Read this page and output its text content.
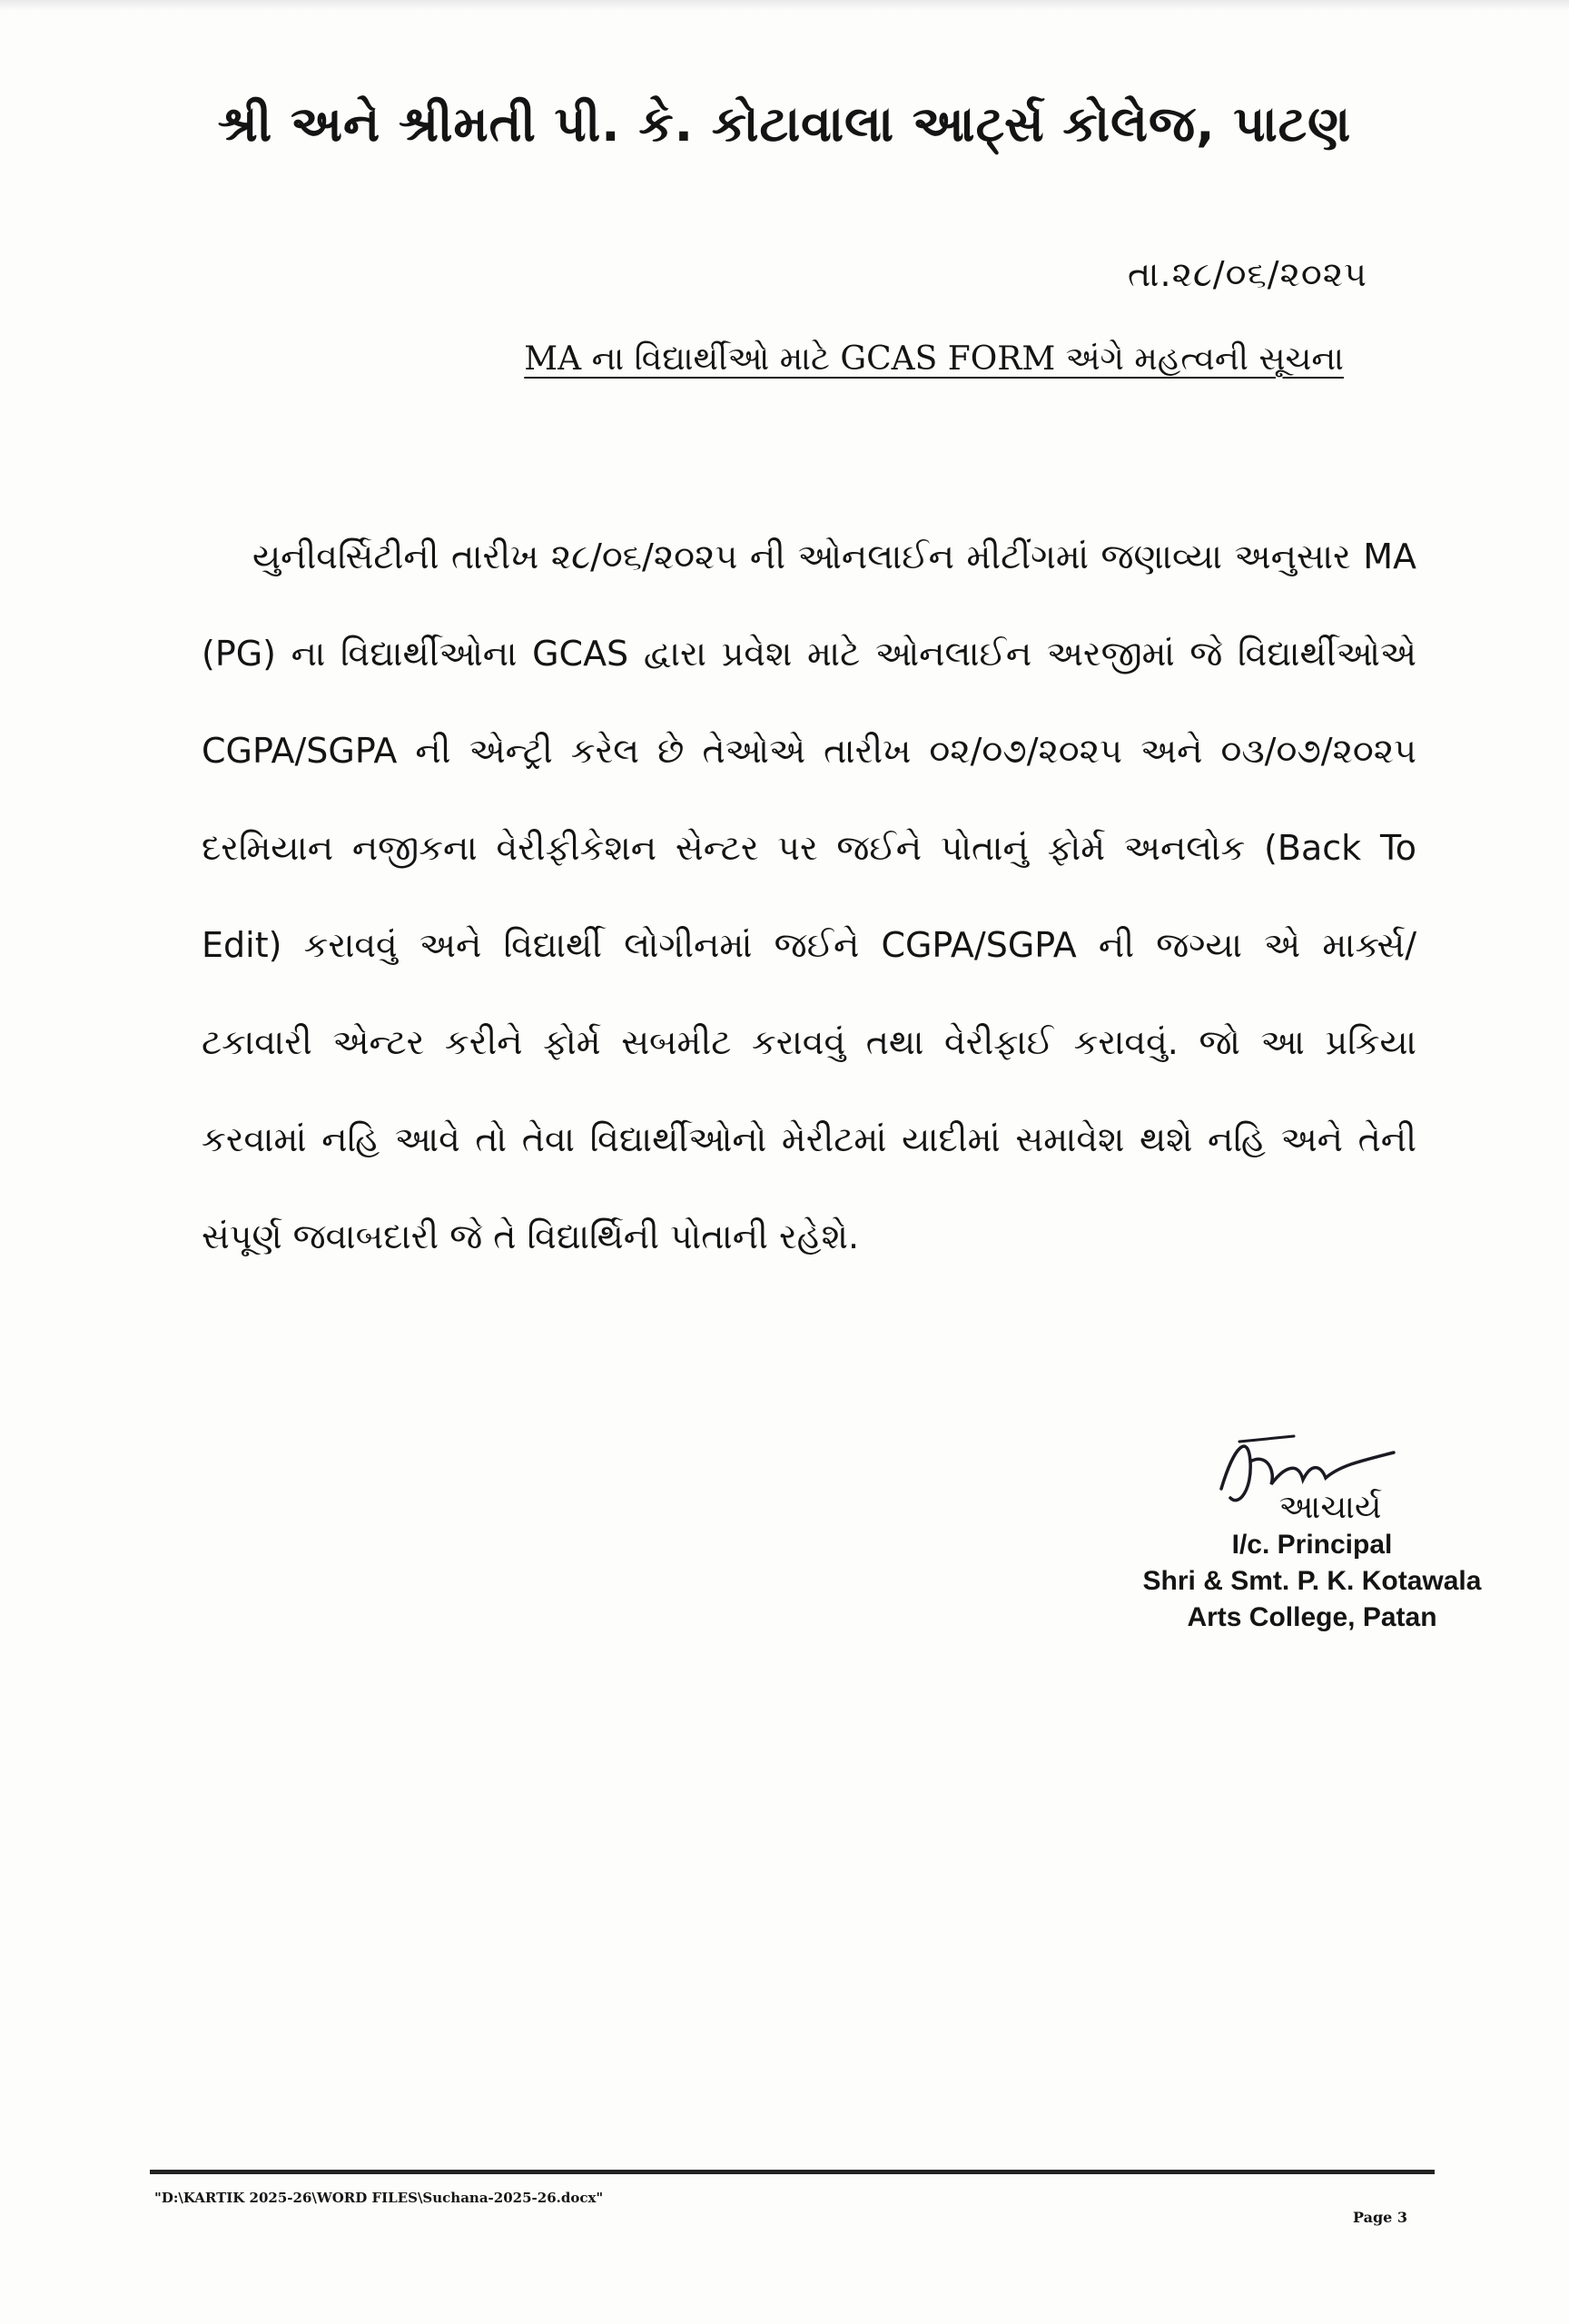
શ્રી અને શ્રીમતી પી. કે. કોટાવાલા આર્ટ્સ કોલેજ, પાટણ
તા.૨૮/૦૬/૨૦૨૫
MA ના વિદ્યાર્થીઓ માટે GCAS FORM અંગે મહત્વની સૂચના

યુનીવર્સિટીની તારીખ ૨૮/૦૬/૨૦૨૫ ની ઓનલાઈન મીટીંગમાં જણાવ્યા અનુસાર MA (PG) ના વિદ્યાર્થીઓના GCAS દ્વારા પ્રવેશ માટે ઓનલાઈન અરજીમાં જે વિદ્યાર્થીઓએ CGPA/SGPA ની એન્ટ્રી કરેલ છે તેઓએ તારીખ ૦૨/૦૭/૨૦૨૫ અને ૦૩/૦૭/૨૦૨૫ દરમિયાન નજીકના વેરીફીકેશન સેન્ટર પર જઈને પોતાનું ફોર્મ અનલોક (Back To Edit) કરાવવું અને વિદ્યાર્થી લોગીનમાં જઈને CGPA/SGPA ની જગ્યા એ માર્ક્સ/ટકાવારી એન્ટર કરીને ફોર્મ સબમીટ કરાવવું તથા વેરીફાઈ કરાવવું. જો આ પ્રકિયા કરવામાં નહિ આવે તો તેવા વિદ્યાર્થીઓનો મેરીટમાં યાદીમાં સમાવેશ થશે નહિ અને તેની સંપૂર્ણ જવાબદારી જે તે વિદ્યાર્થિની પોતાની રહેશે.

આચાર્ય
I/c. Principal
Shri & Smt. P. K. Kotawala
Arts College, Patan
"D:\KARTIK 2025-26\WORD FILES\Suchana-2025-26.docx"
Page 3
